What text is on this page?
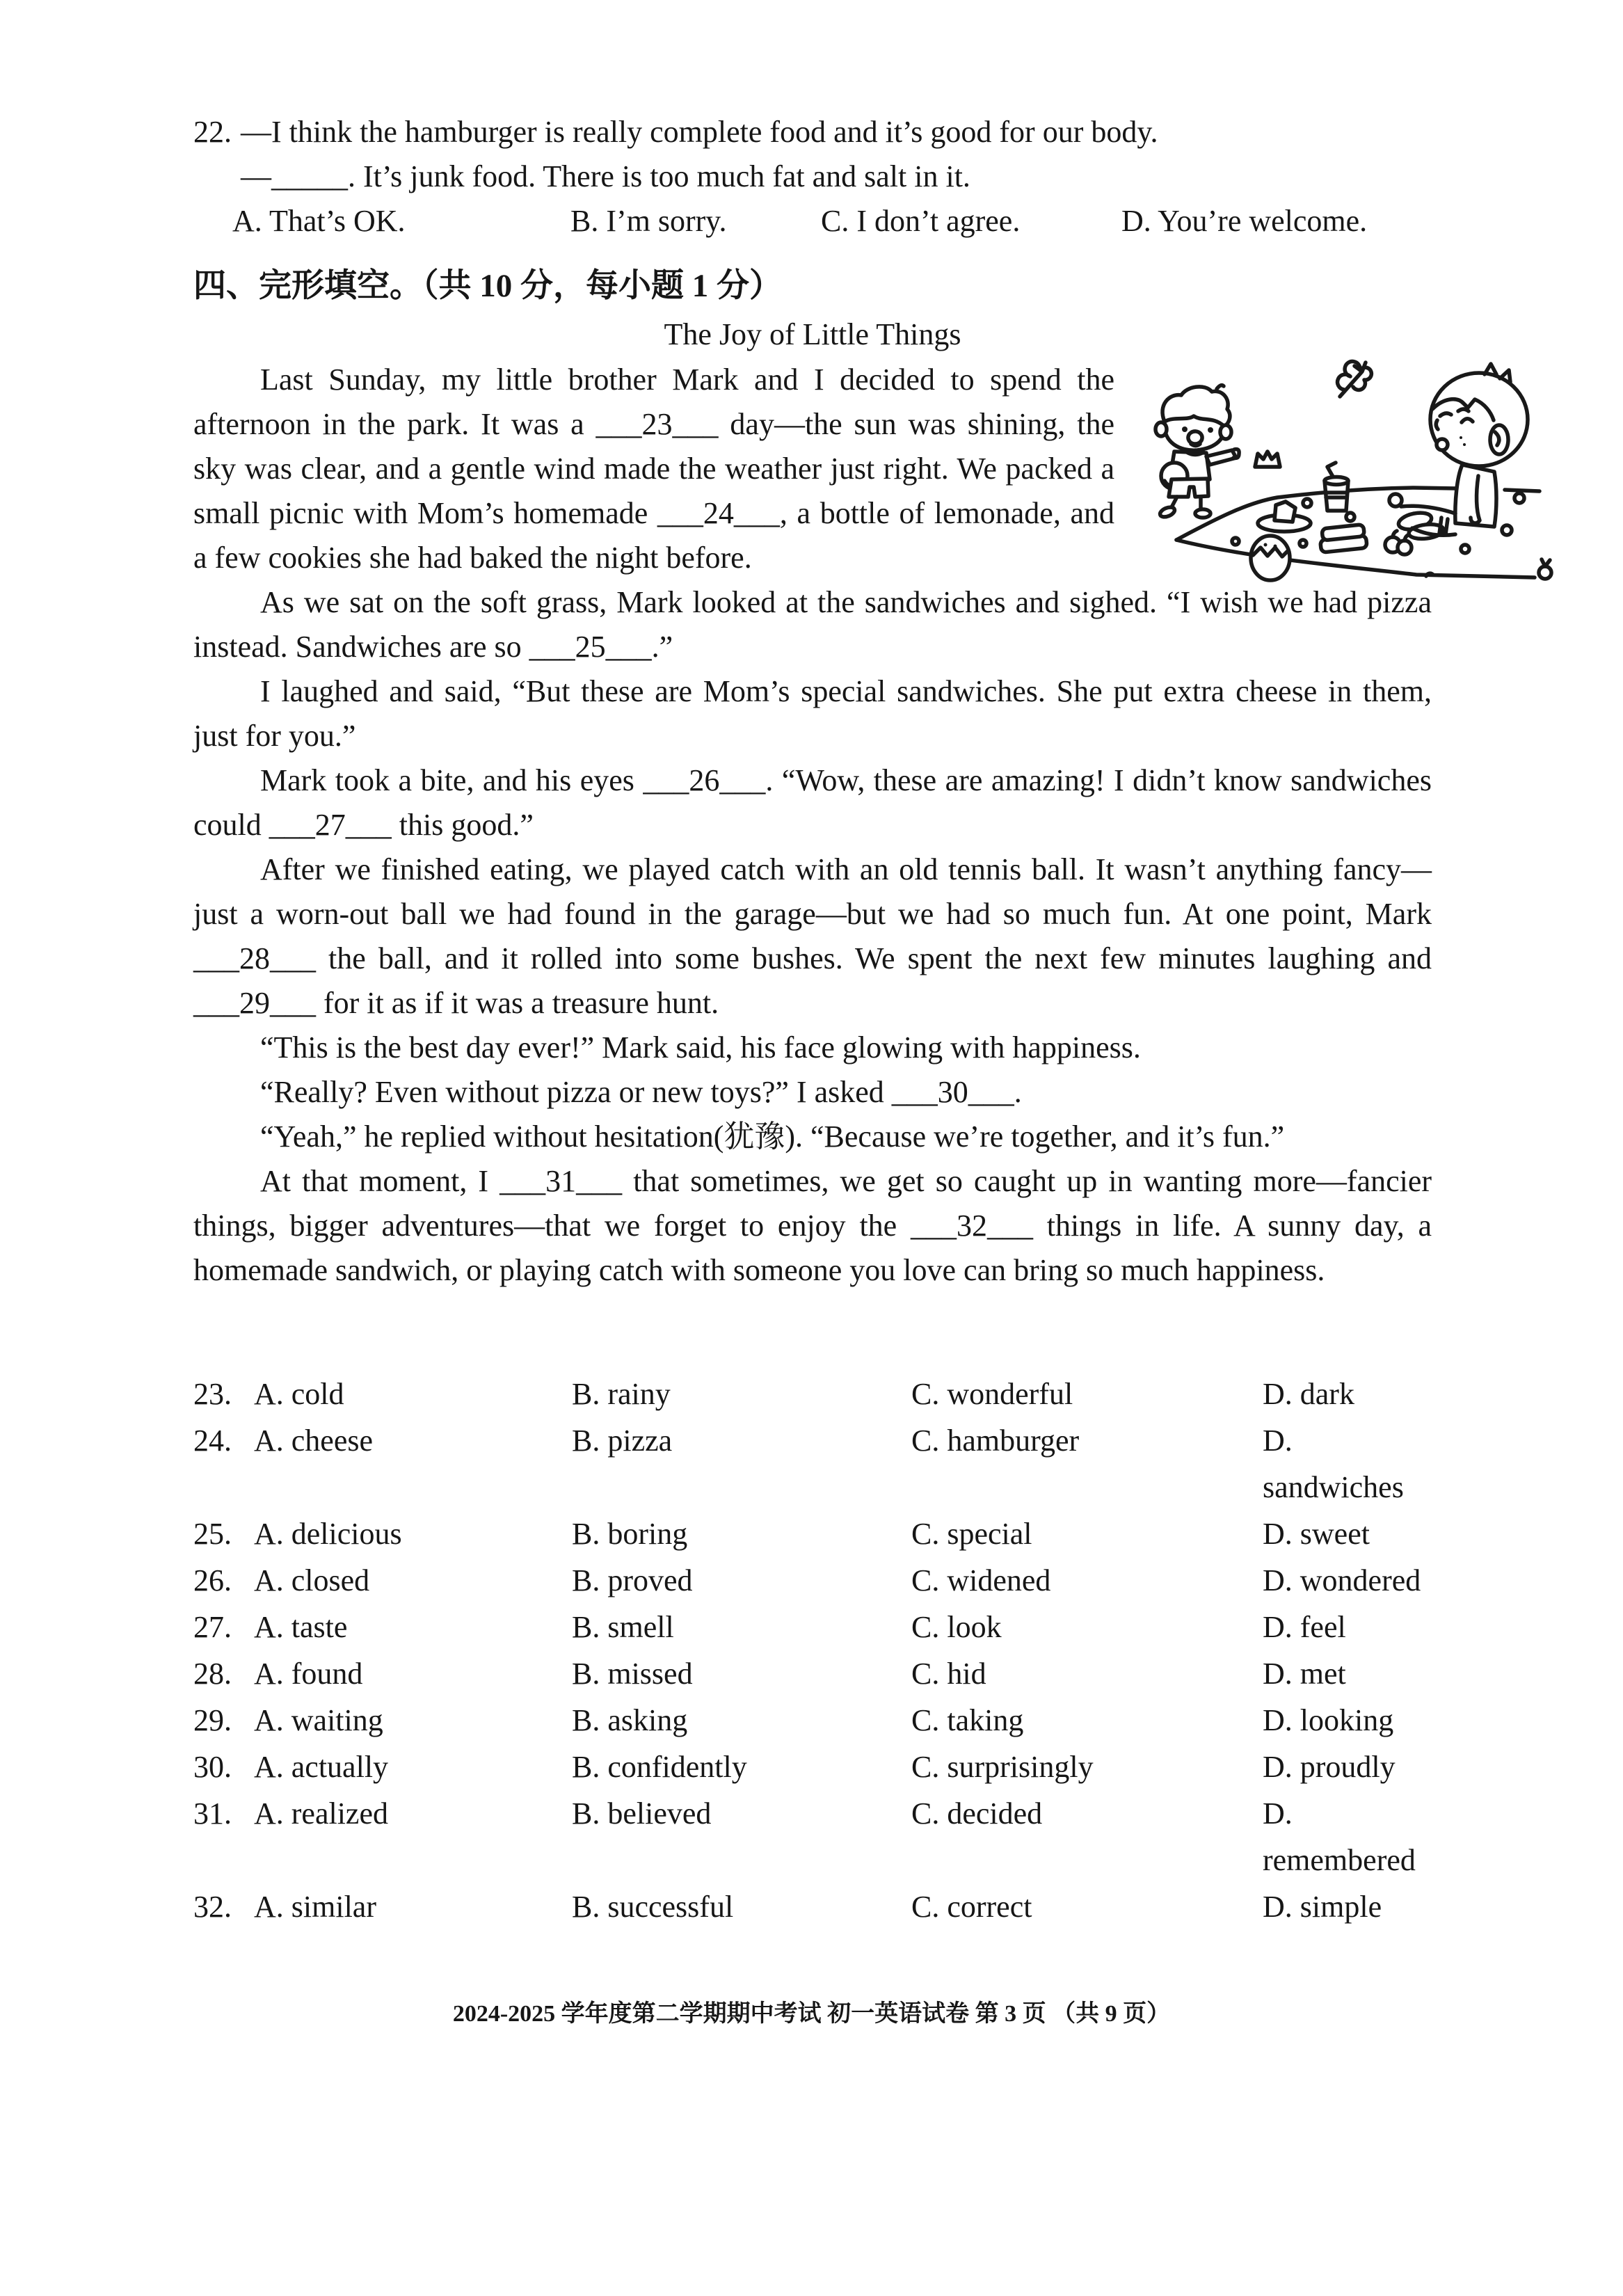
22. —I think the hamburger is really complete food and it’s good for our body.
—_____. It’s junk food. There is too much fat and salt in it.
A. That’s OK.	B. I’m sorry.	C. I don’t agree.	D. You’re welcome.
四、完形填空。（共 10 分，每小题 1 分）
The Joy of Little Things

Last Sunday, my little brother Mark and I decided to spend the afternoon in the park. It was a ___23___ day—the sun was shining, the sky was clear, and a gentle wind made the weather just right. We packed a small picnic with Mom’s homemade ___24___, a bottle of lemonade, and a few cookies she had baked the night before.

As we sat on the soft grass, Mark looked at the sandwiches and sighed. “I wish we had pizza instead. Sandwiches are so ___25___.”

I laughed and said, “But these are Mom’s special sandwiches. She put extra cheese in them, just for you.”

Mark took a bite, and his eyes ___26___. “Wow, these are amazing! I didn’t know sandwiches could ___27___ this good.”

After we finished eating, we played catch with an old tennis ball. It wasn’t anything fancy—just a worn-out ball we had found in the garage—but we had so much fun. At one point, Mark ___28___ the ball, and it rolled into some bushes. We spent the next few minutes laughing and ___29___ for it as if it was a treasure hunt.

“This is the best day ever!” Mark said, his face glowing with happiness.

“Really? Even without pizza or new toys?” I asked ___30___.

“Yeah,” he replied without hesitation(犹豫). “Because we’re together, and it’s fun.”

At that moment, I ___31___ that sometimes, we get so caught up in wanting more—fancier things, bigger adventures—that we forget to enjoy the ___32___ things in life. A sunny day, a homemade sandwich, or playing catch with someone you love can bring so much happiness.

23. A. cold	B. rainy	C. wonderful	D. dark
24. A. cheese	B. pizza	C. hamburger	D. sandwiches
25. A. delicious	B. boring	C. special	D. sweet
26. A. closed	B. proved	C. widened	D. wondered
27. A. taste	B. smell	C. look	D. feel
28. A. found	B. missed	C. hid	D. met
29. A. waiting	B. asking	C. taking	D. looking
30. A. actually	B. confidently	C. surprisingly	D. proudly
31. A. realized	B. believed	C. decided	D. remembered
32. A. similar	B. successful	C. correct	D. simple
2024-2025 学年度第二学期期中考试 初一英语试卷 第 3 页 （共 9 页）
